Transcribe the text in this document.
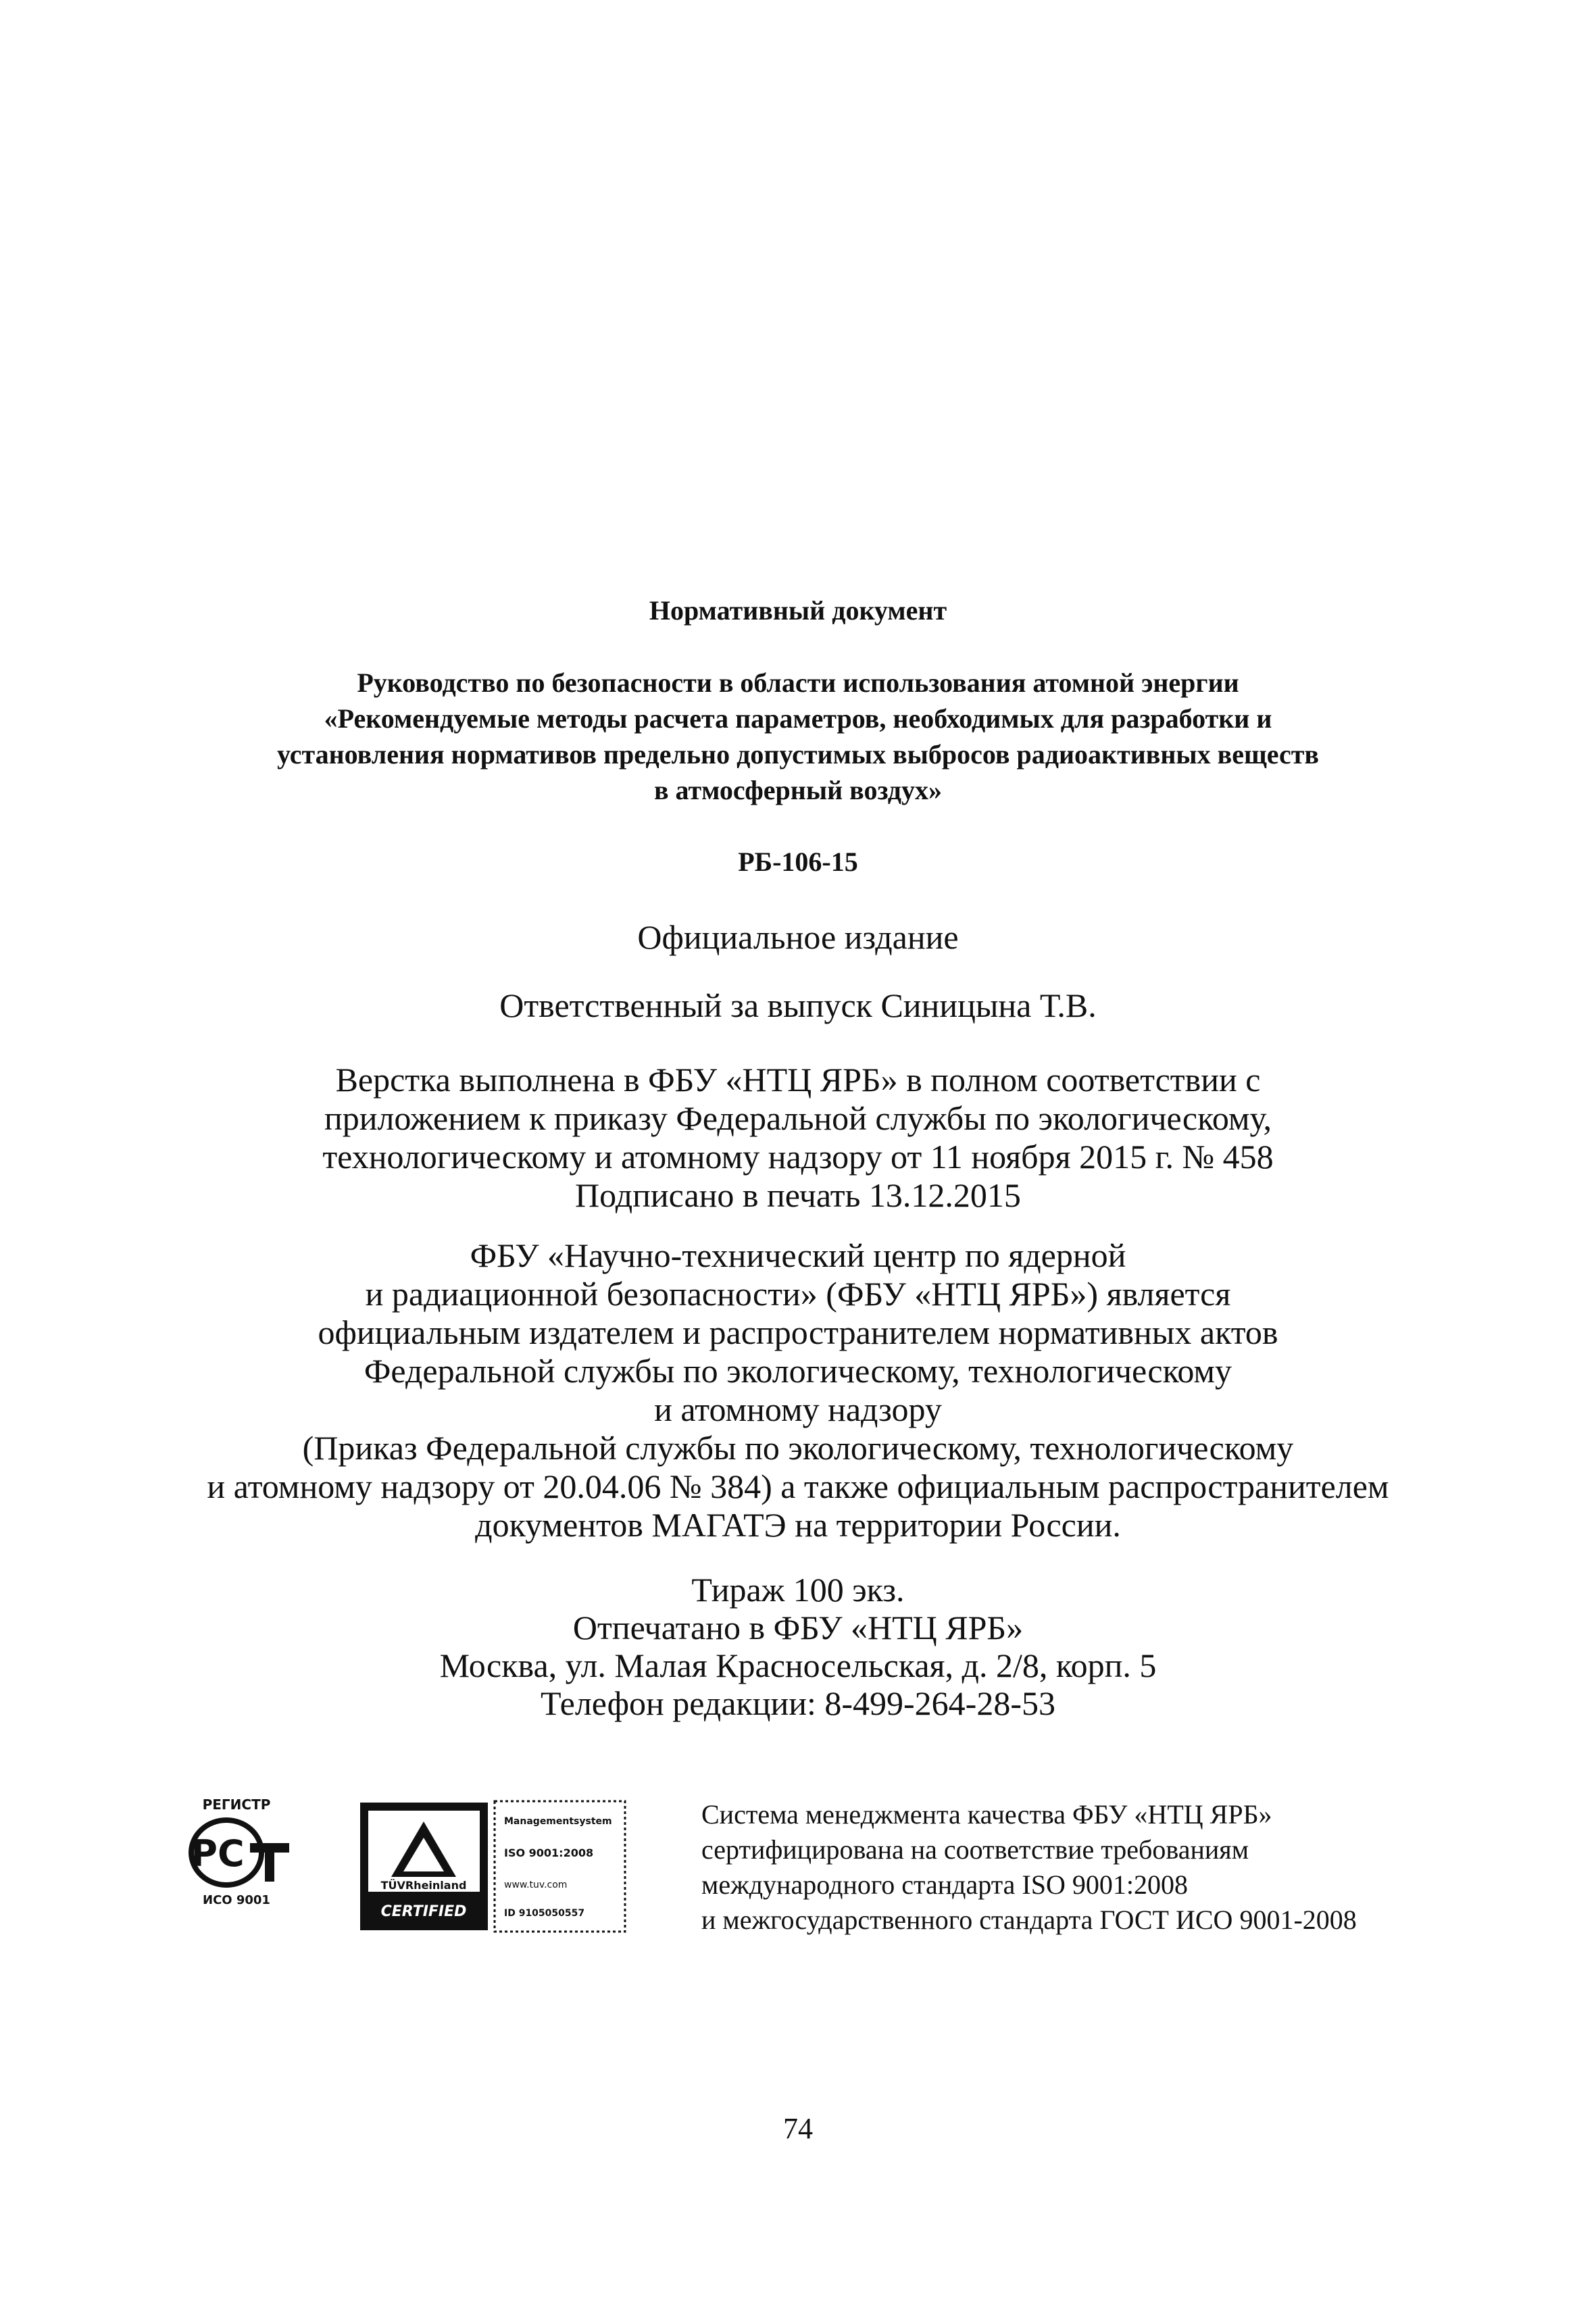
Нормативный документ
Руководство по безопасности в области использования атомной энергии
«Рекомендуемые методы расчета параметров, необходимых для разработки и
установления нормативов предельно допустимых выбросов радиоактивных веществ
в атмосферный воздух»
РБ-106-15
Официальное издание
Ответственный за выпуск Синицына Т.В.
Верстка выполнена в ФБУ «НТЦ ЯРБ» в полном соответствии с
приложением к приказу Федеральной службы по экологическому,
технологическому и атомному надзору от 11 ноября 2015 г. № 458
Подписано в печать 13.12.2015
ФБУ «Научно-технический центр по ядерной
и радиационной безопасности» (ФБУ «НТЦ ЯРБ») является
официальным издателем и распространителем нормативных актов
Федеральной службы по экологическому, технологическому
и атомному надзору
(Приказ Федеральной службы по экологическому, технологическому
и атомному надзору от 20.04.06 № 384) а также официальным распространителем
документов МАГАТЭ на территории России.
Тираж 100 экз.
Отпечатано в ФБУ «НТЦ ЯРБ»
Москва, ул. Малая Красносельская, д. 2/8, корп. 5
Телефон редакции: 8-499-264-28-53
РЕГИСТР
РС
ИСО 9001
TÜVRheinland
CERTIFIED
Managementsystem
ISO 9001:2008
www.tuv.com
ID 9105050557
Система менеджмента качества ФБУ «НТЦ ЯРБ»
сертифицирована на соответствие требованиям
международного стандарта ISO 9001:2008
и межгосударственного стандарта ГОСТ ИСО 9001-2008
74
